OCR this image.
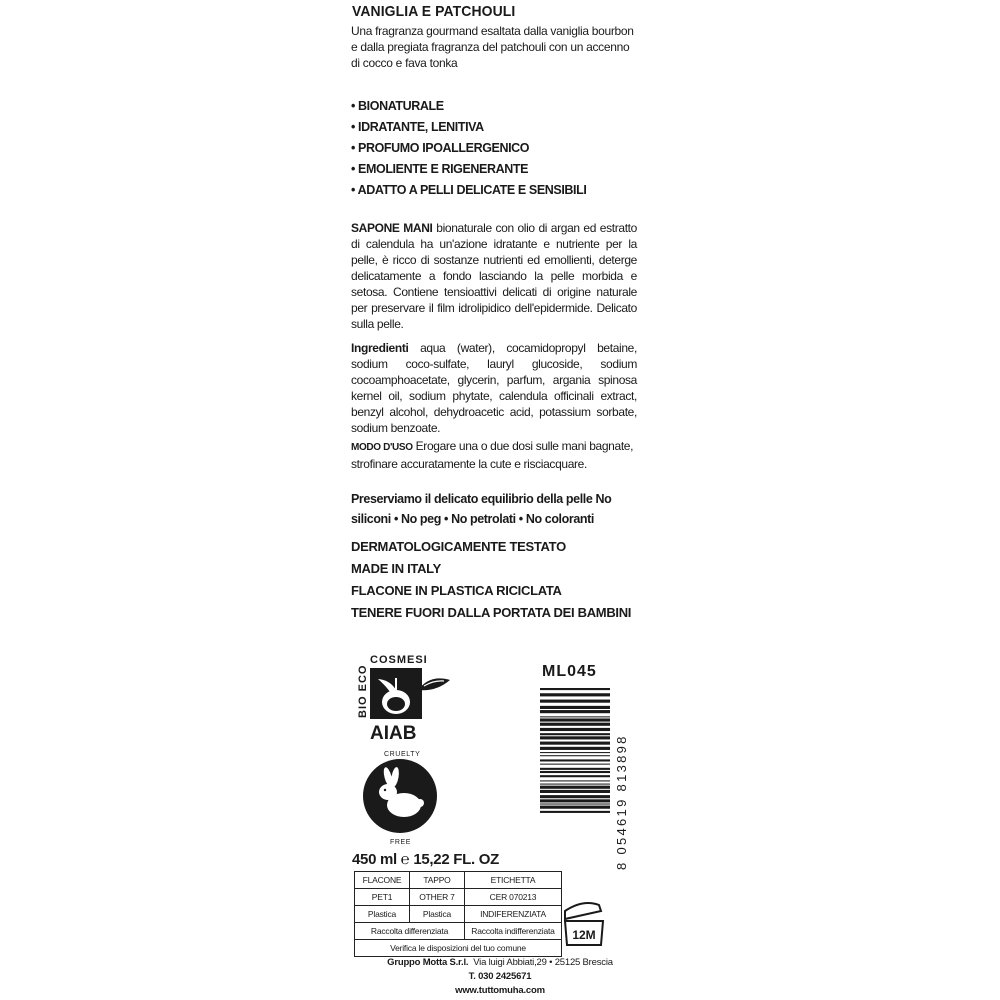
VANIGLIA E PATCHOULI
Una fragranza gourmand esaltata dalla vaniglia bourbon e dalla pregiata fragranza del patchouli con un accenno di cocco e fava tonka
• BIONATURALE
• IDRATANTE, LENITIVA
• PROFUMO IPOALLERGENICO
• EMOLIENTE E RIGENERANTE
• ADATTO A PELLI DELICATE E SENSIBILI
SAPONE MANI bionaturale con olio di argan ed estratto di calendula ha un'azione idratante e nutriente per la pelle, è ricco di sostanze nutrienti ed emollienti, deterge delicatamente a fondo lasciando la pelle morbida e setosa. Contiene tensioattivi delicati di origine naturale per preservare il film idrolipidico dell'epidermide. Delicato sulla pelle.
Ingredienti aqua (water), cocamidopropyl betaine, sodium coco-sulfate, lauryl glucoside, sodium cocoamphoacetate, glycerin, parfum, argania spinosa kernel oil, sodium phytate, calendula officinali extract, benzyl alcohol, dehydroacetic acid, potassium sorbate, sodium benzoate.
MODO D'USO Erogare una o due dosi sulle mani bagnate, strofinare accuratamente la cute e risciacquare.
Preserviamo il delicato equilibrio della pelle No siliconi • No peg • No petrolati • No coloranti
DERMATOLOGICAMENTE TESTATO
MADE IN ITALY
FLACONE IN PLASTICA RICICLATA
TENERE FUORI DALLA PORTATA DEI BAMBINI
COSMESI
BIO ECO
AIAB
CRUELTY
FREE
ML045
8 054619 813898
450 ml ℮ 15,22 FL. OZ
FLACONE	TAPPO	ETICHETTA
PET1	OTHER 7	CER 070213
Plastica	Plastica	INDIFERENZIATA
Raccolta differenziata		Raccolta indifferenziata
Verifica le disposizioni del tuo comune		
12M
Gruppo Motta S.r.l. Via luigi Abbiati,29 • 25125 Brescia
T. 030 2425671
www.tuttomuha.com
